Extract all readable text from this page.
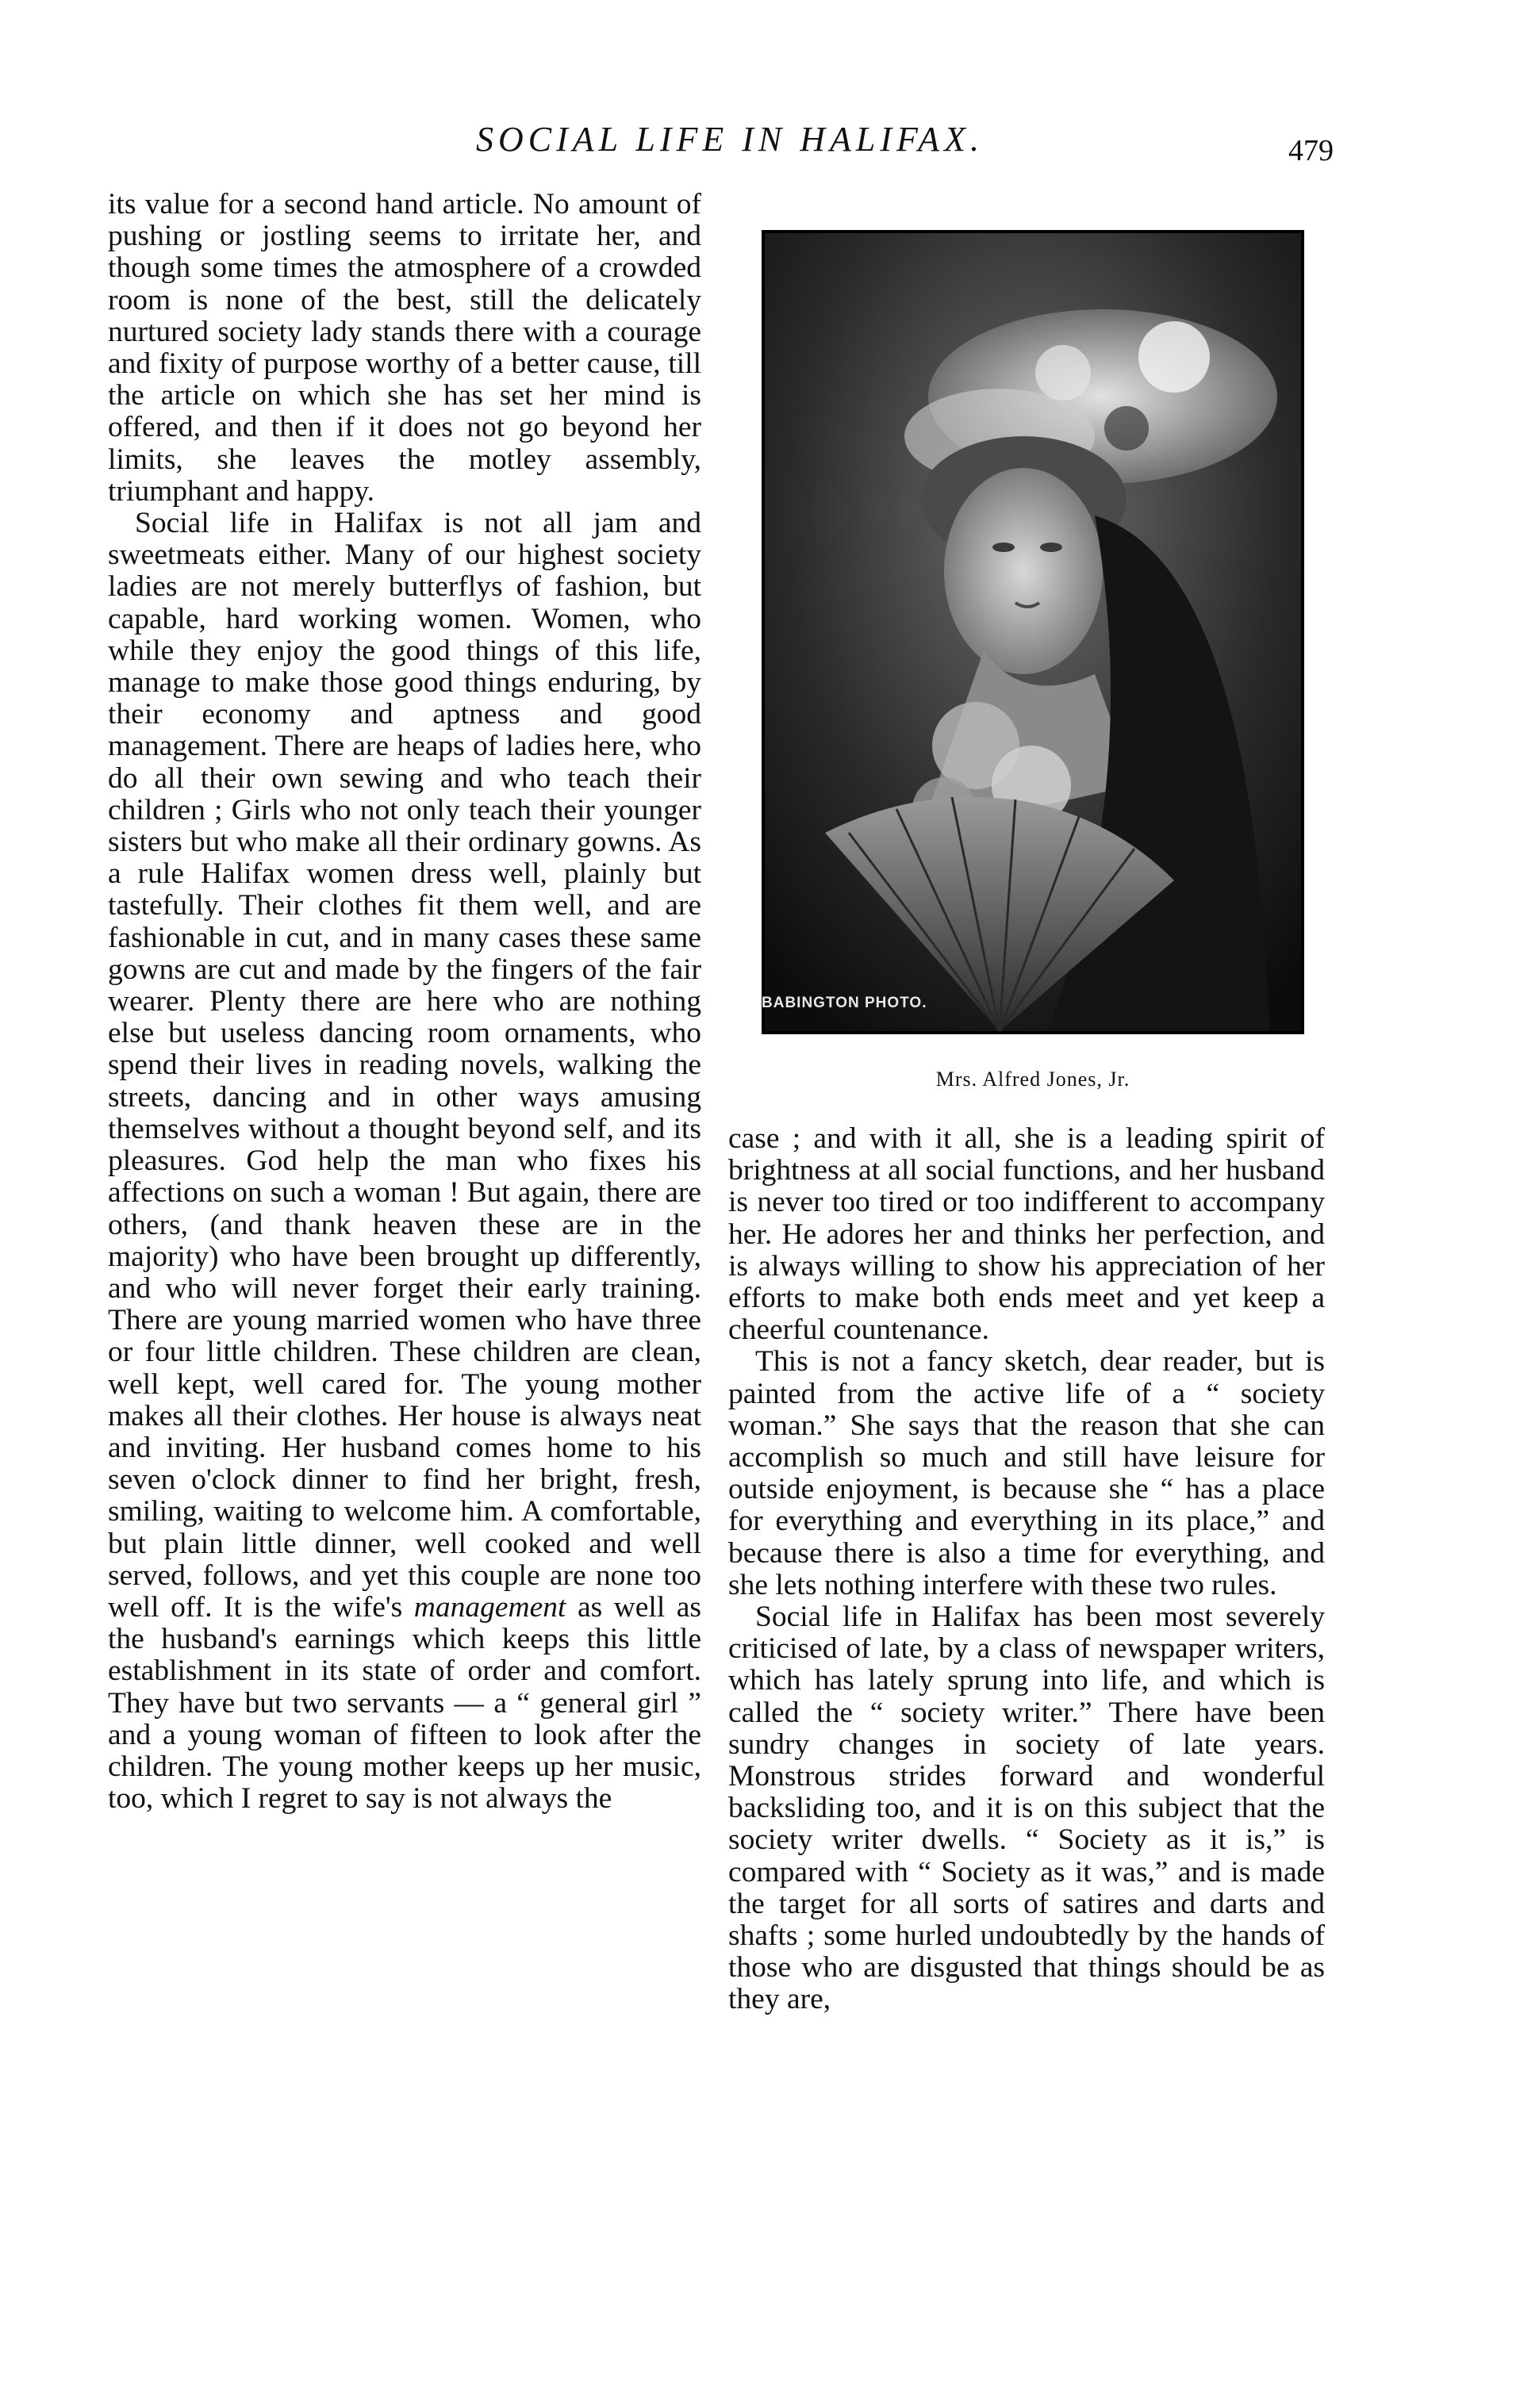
SOCIAL LIFE IN HALIFAX.	479

its value for a second hand article. No amount of pushing or jostling seems to irritate her, and though some times the atmosphere of a crowded room is none of the best, still the delicately nurtured society lady stands there with a courage and fixity of purpose worthy of a better cause, till the article on which she has set her mind is offered, and then if it does not go beyond her limits, she leaves the motley assembly, triumphant and happy.

Social life in Halifax is not all jam and sweetmeats either. Many of our highest society ladies are not merely butterflys of fashion, but capable, hard working women. Women, who while they enjoy the good things of this life, manage to make those good things enduring, by their economy and aptness and good management. There are heaps of ladies here, who do all their own sewing and who teach their children ; Girls who not only teach their younger sisters but who make all their ordinary gowns. As a rule Halifax women dress well, plainly but tastefully. Their clothes fit them well, and are fashionable in cut, and in many cases these same gowns are cut and made by the fingers of the fair wearer. Plenty there are here who are nothing else but useless dancing room ornaments, who spend their lives in reading novels, walking the streets, dancing and in other ways amusing themselves without a thought beyond self, and its pleasures. God help the man who fixes his affections on such a woman ! But again, there are others, (and thank heaven these are in the majority) who have been brought up differently, and who will never forget their early training. There are young married women who have three or four little children. These children are clean, well kept, well cared for. The young mother makes all their clothes. Her house is always neat and inviting. Her husband comes home to his seven o'clock dinner to find her bright, fresh, smiling, waiting to welcome him. A comfortable, but plain little dinner, well cooked and well served, follows, and yet this couple are none too well off. It is the wife's management as well as the husband's earnings which keeps this little establishment in its state of order and comfort. They have but two servants — a “ general girl ” and a young woman of fifteen to look after the children. The young mother keeps up her music, too, which I regret to say is not always the

BABINGTON PHOTO.
Mrs. Alfred Jones, Jr.

case ; and with it all, she is a leading spirit of brightness at all social functions, and her husband is never too tired or too indifferent to accompany her. He adores her and thinks her perfection, and is always willing to show his appreciation of her efforts to make both ends meet and yet keep a cheerful countenance.

This is not a fancy sketch, dear reader, but is painted from the active life of a “ society woman.” She says that the reason that she can accomplish so much and still have leisure for outside enjoyment, is because she “ has a place for everything and everything in its place,” and because there is also a time for everything, and she lets nothing interfere with these two rules.

Social life in Halifax has been most severely criticised of late, by a class of newspaper writers, which has lately sprung into life, and which is called the “ society writer.” There have been sundry changes in society of late years. Monstrous strides forward and wonderful backsliding too, and it is on this subject that the society writer dwells. “ Society as it is,” is compared with “ Society as it was,” and is made the target for all sorts of satires and darts and shafts ; some hurled undoubtedly by the hands of those who are disgusted that things should be as they are,
